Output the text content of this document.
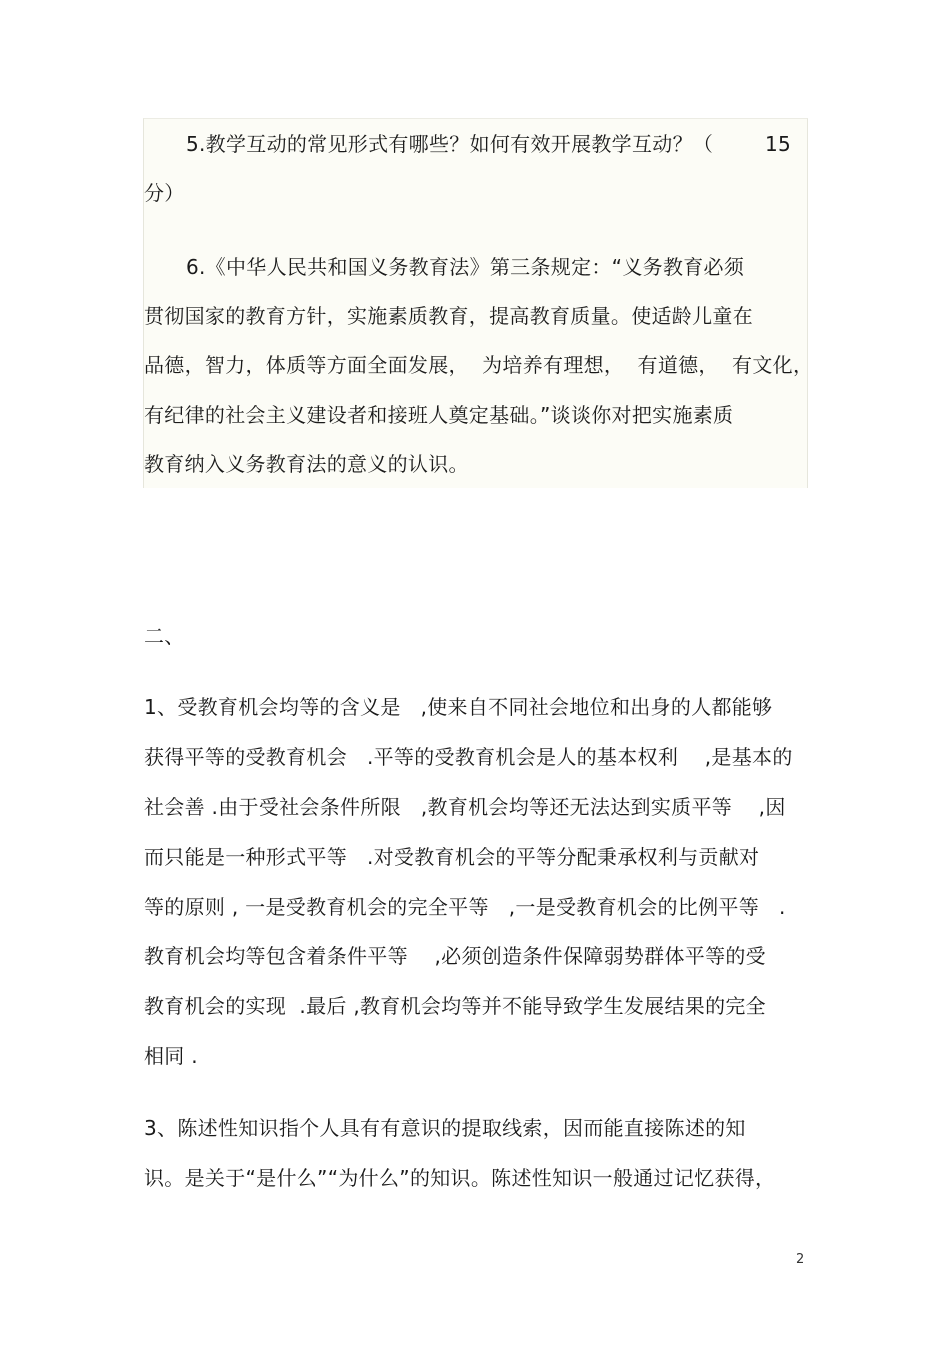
5.教学互动的常见形式有哪些？如何有效开展教学互动？（	15
分）
6.《中华人民共和国义务教育法》第三条规定：“义务教育必须
贯彻国家的教育方针，实施素质教育，提高教育质量。使适龄儿童在
品德，智力，体质等方面全面发展，  为培养有理想，  有道德，  有文化，
有纪律的社会主义建设者和接班人奠定基础。”谈谈你对把实施素质
教育纳入义务教育法的意义的认识。
二、
1、受教育机会均等的含义是   ,使来自不同社会地位和出身的人都能够
获得平等的受教育机会   .平等的受教育机会是人的基本权利    ,是基本的
社会善 .由于受社会条件所限   ,教育机会均等还无法达到实质平等    ,因
而只能是一种形式平等   .对受教育机会的平等分配秉承权利与贡献对
等的原则 , 一是受教育机会的完全平等   ,一是受教育机会的比例平等   .
教育机会均等包含着条件平等    ,必须创造条件保障弱势群体平等的受
教育机会的实现  .最后 ,教育机会均等并不能导致学生发展结果的完全
相同 .
3、陈述性知识指个人具有有意识的提取线索，因而能直接陈述的知
识。是关于“是什么”“为什么”的知识。陈述性知识一般通过记忆获得，
2
